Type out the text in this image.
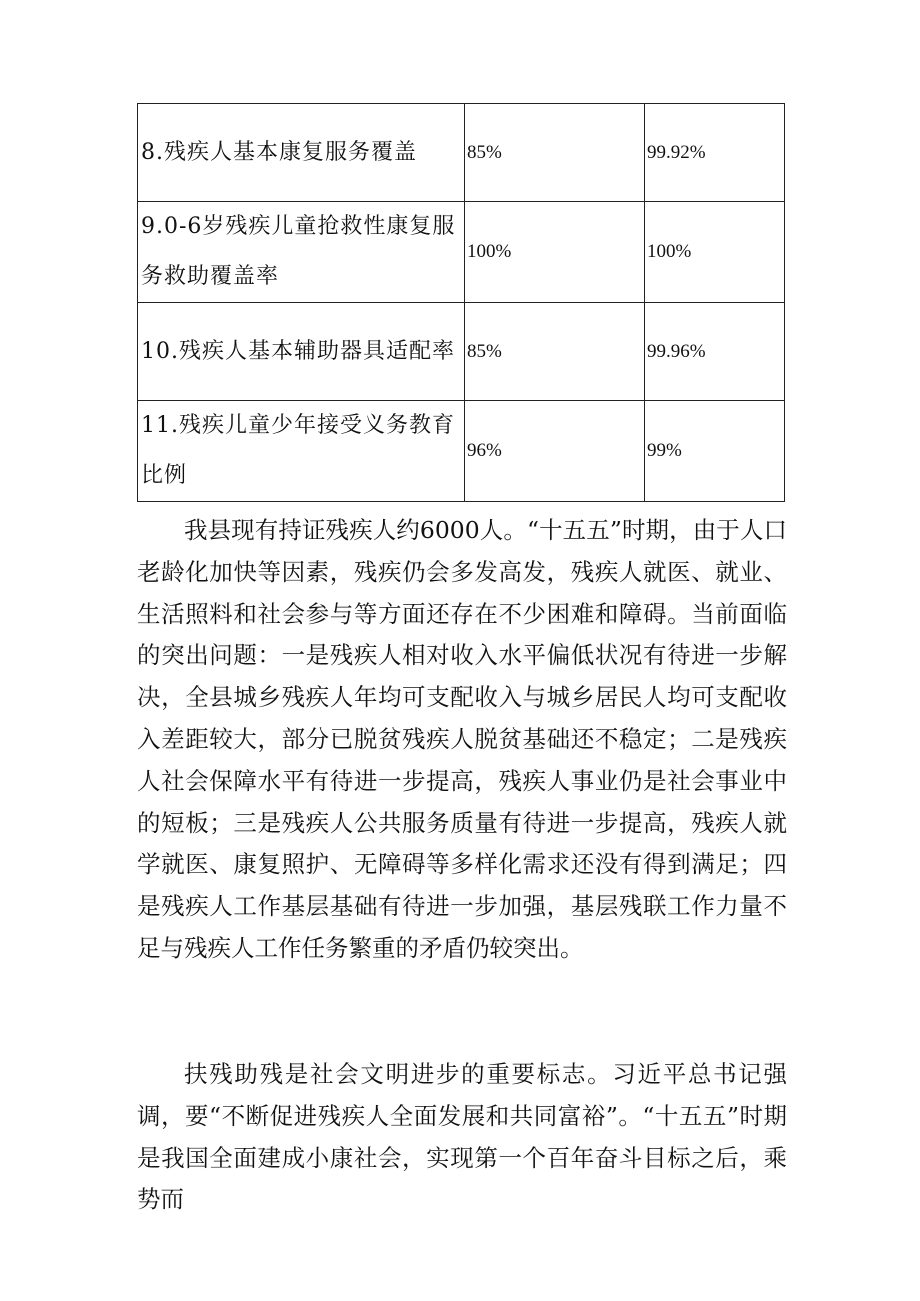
8.残疾人基本康复服务覆盖	85%	99.92%

9.0-6岁残疾儿童抢救性康复服务救助覆盖率	100%	100%

10.残疾人基本辅助器具适配率	85%	99.96%

11.残疾儿童少年接受义务教育比例	96%	99%

我县现有持证残疾人约6000人。“十五五”时期，由于人口老龄化加快等因素，残疾仍会多发高发，残疾人就医、就业、生活照料和社会参与等方面还存在不少困难和障碍。当前面临的突出问题：一是残疾人相对收入水平偏低状况有待进一步解决，全县城乡残疾人年均可支配收入与城乡居民人均可支配收入差距较大，部分已脱贫残疾人脱贫基础还不稳定；二是残疾人社会保障水平有待进一步提高，残疾人事业仍是社会事业中的短板；三是残疾人公共服务质量有待进一步提高，残疾人就学就医、康复照护、无障碍等多样化需求还没有得到满足；四是残疾人工作基层基础有待进一步加强，基层残联工作力量不足与残疾人工作任务繁重的矛盾仍较突出。

扶残助残是社会文明进步的重要标志。习近平总书记强调，要“不断促进残疾人全面发展和共同富裕”。“十五五”时期是我国全面建成小康社会，实现第一个百年奋斗目标之后，乘势而
